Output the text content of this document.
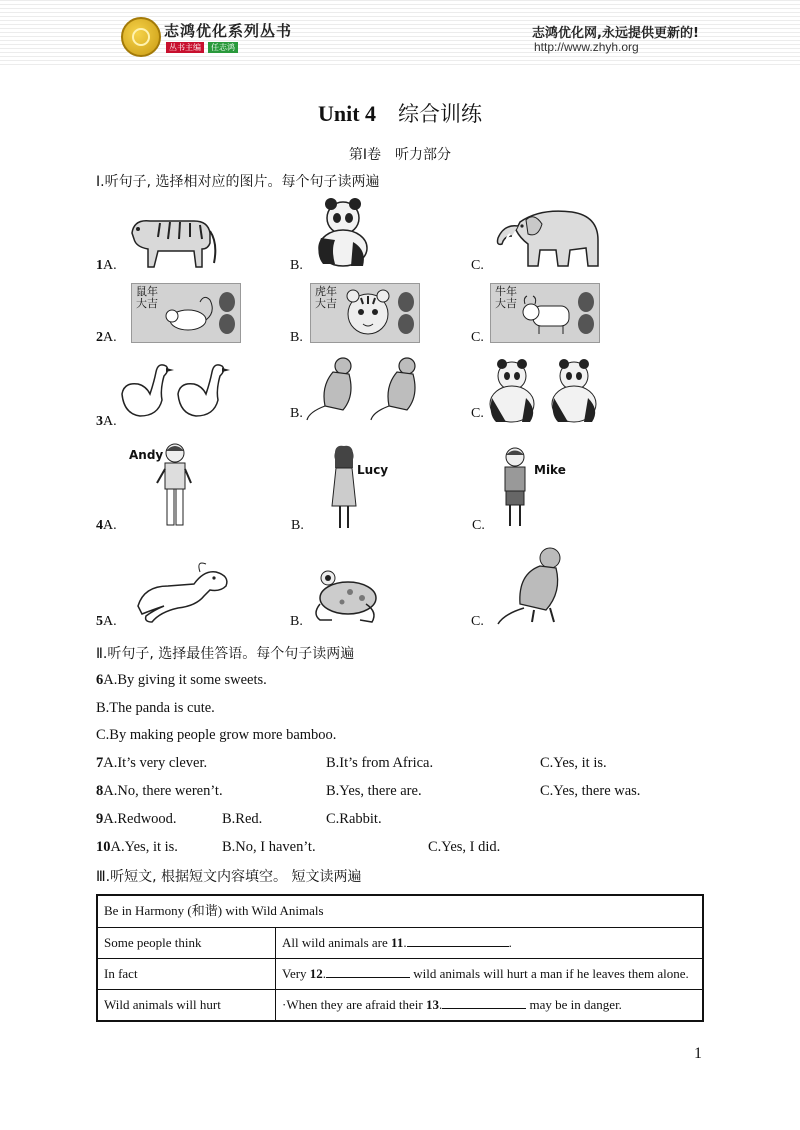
志鸿优化系列丛书
丛书主编	任志鸿
志鸿优化网,永远提供更新的!
http://www.zhyh.org
Unit 4 综合训练
第Ⅰ卷　听力部分
Ⅰ.听句子, 选择相对应的图片。每个句子读两遍
1A.	B.	C.
2A.	B.	C.
鼠年大吉
虎年大吉
牛年大吉
3A.
B.	C.
4A.	B.	C.
Andy
Lucy	Mike
5A.	B.	C.
Ⅱ.听句子, 选择最佳答语。每个句子读两遍
6A.By giving it some sweets.
B.The panda is cute.
C.By making people grow more bamboo.
7A.It’s very clever.	B.It’s from Africa.	C.Yes, it is.
8A.No, there weren’t.	B.Yes, there are.	C.Yes, there was.
9A.Redwood.	B.Red.	C.Rabbit.
10A.Yes, it is.	B.No, I haven’t.	C.Yes, I did.
Ⅲ.听短文, 根据短文内容填空。 短文读两遍
Be in Harmony (和谐) with Wild Animals	
Some people think	All wild animals are 11. .
In fact	Very 12. wild animals will hurt a man if he leaves them alone.
Wild animals will hurt	·When they are afraid their 13. may be in danger.
1
